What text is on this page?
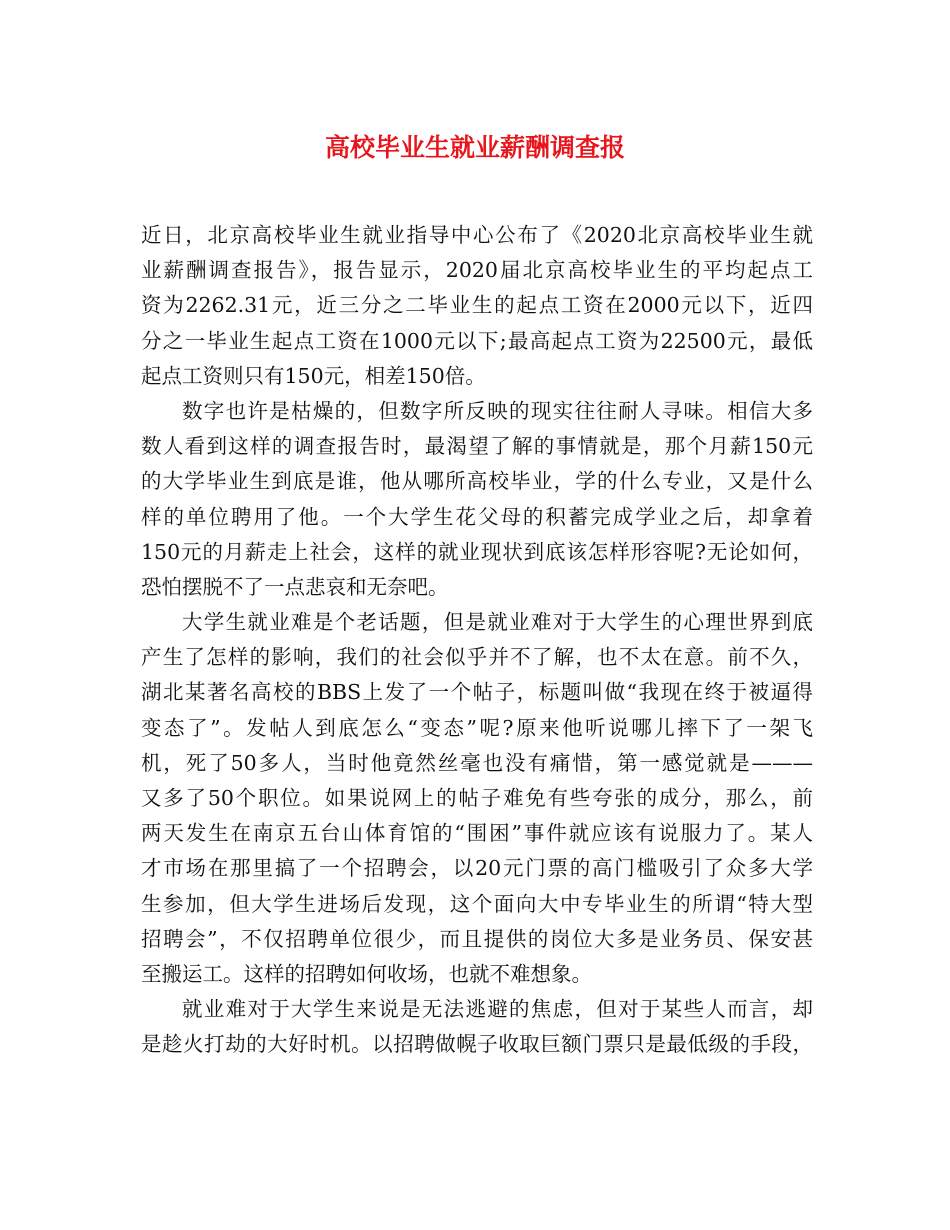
高校毕业生就业薪酬调查报
近日，北京高校毕业生就业指导中心公布了《2020北京高校毕业生就
业薪酬调查报告》，报告显示，2020届北京高校毕业生的平均起点工
资为2262.31元，近三分之二毕业生的起点工资在2000元以下，近四
分之一毕业生起点工资在1000元以下;最高起点工资为22500元，最低
起点工资则只有150元，相差150倍。
数字也许是枯燥的，但数字所反映的现实往往耐人寻味。相信大多
数人看到这样的调查报告时，最渴望了解的事情就是，那个月薪150元
的大学毕业生到底是谁，他从哪所高校毕业，学的什么专业，又是什么
样的单位聘用了他。一个大学生花父母的积蓄完成学业之后，却拿着
150元的月薪走上社会，这样的就业现状到底该怎样形容呢?无论如何，
恐怕摆脱不了一点悲哀和无奈吧。
大学生就业难是个老话题，但是就业难对于大学生的心理世界到底
产生了怎样的影响，我们的社会似乎并不了解，也不太在意。前不久，
湖北某著名高校的BBS上发了一个帖子，标题叫做“我现在终于被逼得
变态了”。发帖人到底怎么“变态”呢?原来他听说哪儿摔下了一架飞
机，死了50多人，当时他竟然丝毫也没有痛惜，第一感觉就是———
又多了50个职位。如果说网上的帖子难免有些夸张的成分，那么，前
两天发生在南京五台山体育馆的“围困”事件就应该有说服力了。某人
才市场在那里搞了一个招聘会，以20元门票的高门槛吸引了众多大学
生参加，但大学生进场后发现，这个面向大中专毕业生的所谓“特大型
招聘会”，不仅招聘单位很少，而且提供的岗位大多是业务员、保安甚
至搬运工。这样的招聘如何收场，也就不难想象。
就业难对于大学生来说是无法逃避的焦虑，但对于某些人而言，却
是趁火打劫的大好时机。以招聘做幌子收取巨额门票只是最低级的手段，
